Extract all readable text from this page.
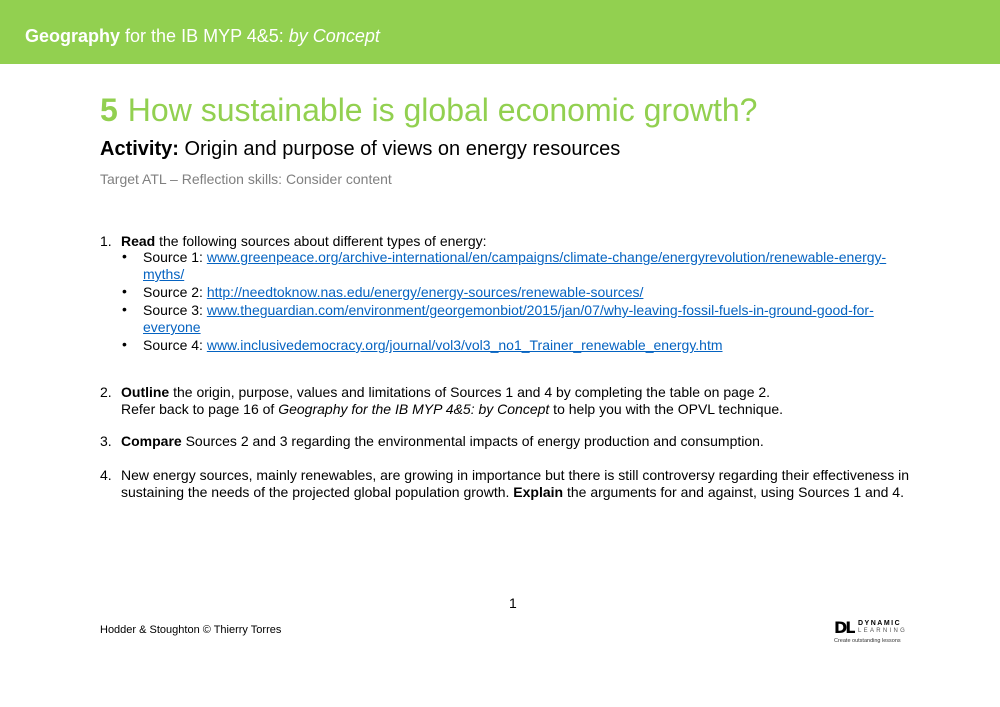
Geography for the IB MYP 4&5: by Concept
5 How sustainable is global economic growth?
Activity: Origin and purpose of views on energy resources
Target ATL – Reflection skills: Consider content
1. Read the following sources about different types of energy:
• Source 1: www.greenpeace.org/archive-international/en/campaigns/climate-change/energyrevolution/renewable-energy-myths/
• Source 2: http://needtoknow.nas.edu/energy/energy-sources/renewable-sources/
• Source 3: www.theguardian.com/environment/georgemonbiot/2015/jan/07/why-leaving-fossil-fuels-in-ground-good-for-everyone
• Source 4: www.inclusivedemocracy.org/journal/vol3/vol3_no1_Trainer_renewable_energy.htm
2. Outline the origin, purpose, values and limitations of Sources 1 and 4 by completing the table on page 2.
Refer back to page 16 of Geography for the IB MYP 4&5: by Concept to help you with the OPVL technique.
3. Compare Sources 2 and 3 regarding the environmental impacts of energy production and consumption.
4. New energy sources, mainly renewables, are growing in importance but there is still controversy regarding their effectiveness in sustaining the needs of the projected global population growth. Explain the arguments for and against, using Sources 1 and 4.
1
Hodder & Stoughton © Thierry Torres	DL DYNAMIC
LEARNING
Create outstanding lessons
